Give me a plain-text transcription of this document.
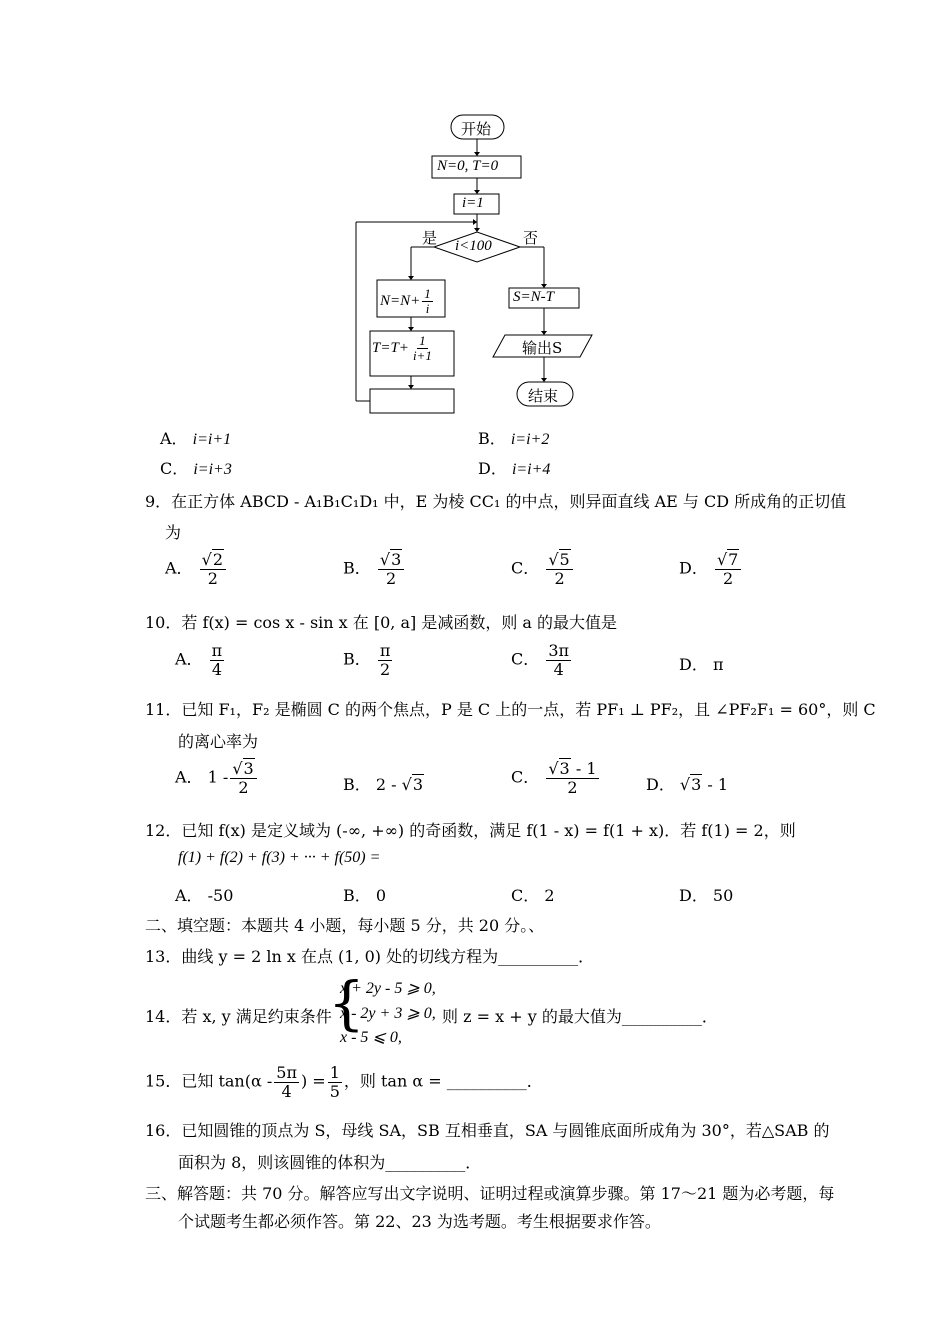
开始
N=0, T=0
i=1
i<100
是	否
$N=N+ \frac{1}{i}$
$T=T+ \frac{1}{i+1}$
S=N-T
输出S
结束
A． i=i+1	B． i=i+2
C． i=i+3	D． i=i+4
9．在正方体 ABCD - A₁B₁C₁D₁ 中，E 为棱 CC₁ 的中点，则异面直线 AE 与 CD 所成角的正切值
为
A． $\frac{√2}{2}$	B． $\frac{√3}{2}$	C． $\frac{√5}{2}$	D． $\frac{√7}{2}$
10．若 f(x) = cos x - sin x 在 [0, a] 是减函数，则 a 的最大值是
A． $\frac{\pi}{4}$	B． $\frac{\pi}{2}$	C． $\frac{3\pi}{4}$	D． π
11．已知 F₁，F₂ 是椭圆 C 的两个焦点，P 是 C 上的一点，若 PF₁ ⊥ PF₂，且 ∠PF₂F₁ = 60°，则 C
的离心率为
A． $1 - \frac{√3}{2}$	B． 2 - √3	C． $\frac{√3 - 1}{2}$	D． √3 - 1
12．已知 f(x) 是定义域为 (-∞, +∞) 的奇函数，满足 f(1 - x) = f(1 + x)．若 f(1) = 2，则
f(1) + f(2) + f(3) + ··· + f(50) =
A． -50	B． 0	C． 2	D． 50
二、填空题：本题共 4 小题，每小题 5 分，共 20 分。、
13．曲线 y = 2 ln x 在点 (1, 0) 处的切线方程为__________．
14．若 x, y 满足约束条件
{
x + 2y - 5 ⩾ 0,
x - 2y + 3 ⩾ 0,
x - 5 ⩽ 0,
则 z = x + y 的最大值为__________．
15．已知 $\tan(\alpha - \frac{5\pi}{4}$ ) = $\frac{1}{5}$ ，则 tan α = __________．
16．已知圆锥的顶点为 S，母线 SA，SB 互相垂直，SA 与圆锥底面所成角为 30°，若△SAB 的
面积为 8，则该圆锥的体积为__________．
三、解答题：共 70 分。解答应写出文字说明、证明过程或演算步骤。第 17～21 题为必考题，每
个试题考生都必须作答。第 22、23 为选考题。考生根据要求作答。
